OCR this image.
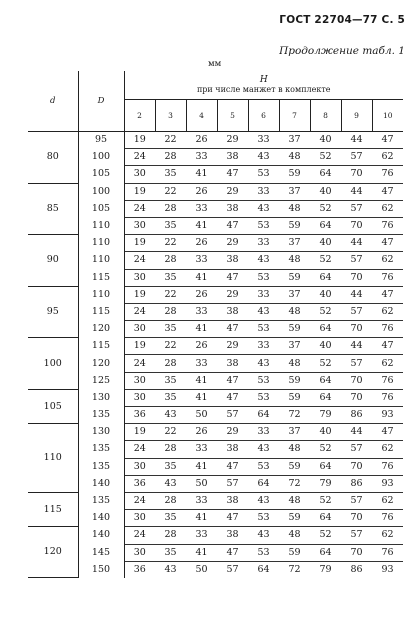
ГОСТ 22704—77 С. 5
Продолжение табл. 1
мм
d	D	H
при числе манжет в комплекте								
		2	3	4	5	6	7	8	9	10
80	95	19	22	26	29	33	37	40	44	47
	100	24	28	33	38	43	48	52	57	62
	105	30	35	41	47	53	59	64	70	76
85	100	19	22	26	29	33	37	40	44	47
	105	24	28	33	38	43	48	52	57	62
	110	30	35	41	47	53	59	64	70	76
90	110	19	22	26	29	33	37	40	44	47
	110	24	28	33	38	43	48	52	57	62
	115	30	35	41	47	53	59	64	70	76
95	110	19	22	26	29	33	37	40	44	47
	115	24	28	33	38	43	48	52	57	62
	120	30	35	41	47	53	59	64	70	76
100	115	19	22	26	29	33	37	40	44	47
	120	24	28	33	38	43	48	52	57	62
	125	30	35	41	47	53	59	64	70	76
105	130	30	35	41	47	53	59	64	70	76
	135	36	43	50	57	64	72	79	86	93
110	130	19	22	26	29	33	37	40	44	47
	135	24	28	33	38	43	48	52	57	62
	135	30	35	41	47	53	59	64	70	76
	140	36	43	50	57	64	72	79	86	93
115	135	24	28	33	38	43	48	52	57	62
	140	30	35	41	47	53	59	64	70	76
120	140	24	28	33	38	43	48	52	57	62
	145	30	35	41	47	53	59	64	70	76
	150	36	43	50	57	64	72	79	86	93
